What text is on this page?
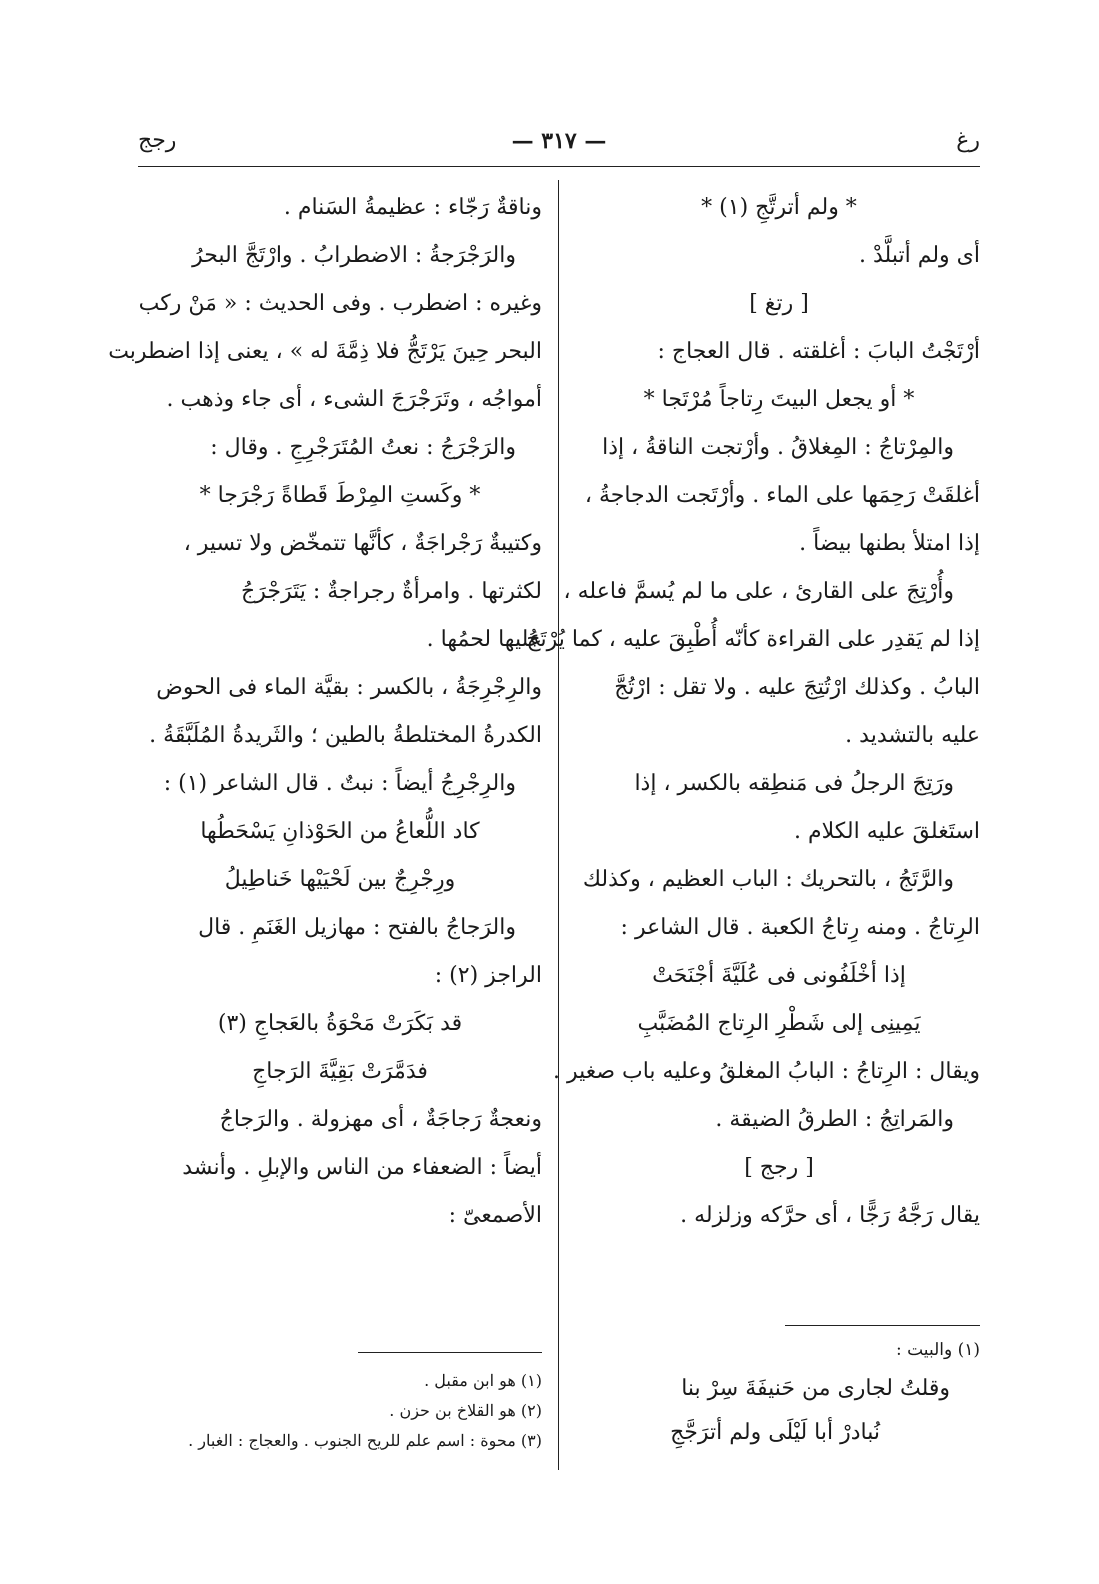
رغ
— ٣١٧ —
رجج
* ولم أترتَّجِ (١) *
أى ولم أتبلَّدْ .
[ رتغ ]
أرْتَجْتُ البابَ : أغلقته . قال العجاج :
* أو يجعل البيتَ رِتاجاً مُرْتَجا *
والمِرْتاجُ : المِغلاقُ . وأرْتجت الناقةُ ، إذا
أغلقَتْ رَحِمَها على الماء . وأرْتَجت الدجاجةُ ،
إذا امتلأ بطنها بيضاً .
وأُرْتِجَ على القارئ ، على ما لم يُسمَّ فاعله ،
إذا لم يَقدِر على القراءة كأنّه أُطْبِقَ عليه ، كما يُرْتَجُ
البابُ . وكذلك ارْتُتِجَ عليه . ولا تقل : ارْتُجَّ
عليه بالتشديد .
ورَتِجَ الرجلُ فى مَنطِقه بالكسر ، إذا
استَغلقَ عليه الكلام .
والرَّتَجُ ، بالتحريك : الباب العظيم ، وكذلك
الرِتاجُ . ومنه رِتاجُ الكعبة . قال الشاعر :
إذا أخْلَفُونى فى عُلَيَّةَ أجْنَحَتْ
يَمِينِى إلى شَطْرِ الرِتاج المُضَبَّبِ
ويقال : الرِتاجُ : البابُ المغلقُ وعليه باب صغير .
والمَراتِجُ : الطرقُ الضيقة .
[ رجج ]
يقال رَجَّهُ رَجًّا ، أى حرَّكه وزلزله .
وناقةٌ رَجّاء : عظيمةُ السَنام .
والرَجْرَجةُ : الاضطرابُ . وارْتَجَّ البحرُ
وغيره : اضطرب . وفى الحديث : « مَنْ ركب
البحر حِينَ يَرْتَجُّ فلا ذِمَّةَ له » ، يعنى إذا اضطربت
أمواجُه ، وتَرَجْرَجَ الشىء ، أى جاء وذهب .
والرَجْرَجُ : نعتُ المُتَرَجْرِجِ . وقال :
* وكَستِ المِرْطَ قَطاةً رَجْرَجا *
وكتيبةٌ رَجْراجَةٌ ، كأنَّها تتمخّض ولا تسير ،
لكثرتها . وامرأةٌ رجراجةٌ : يَتَرَجْرَجُ
عليها لحمُها .
والرِجْرِجَةُ ، بالكسر : بقيَّة الماء فى الحوض
الكدرةُ المختلطةُ بالطين ؛ والثَريدةُ المُلَبَّقَةُ .
والرِجْرِجُ أيضاً : نبتٌ . قال الشاعر (١) :
كاد اللُّعاعُ من الحَوْذانِ يَسْحَطُها
ورِجْرِجٌ بين لَحْيَيْها خَناطِيلُ
والرَجاجُ بالفتح : مهازيل الغَنَمِ . قال
الراجز (٢) :
قد بَكَرَتْ مَحْوَةُ بالعَجاجِ (٣)
فدَمَّرَتْ بَقِيَّةَ الرَجاجِ
ونعجةٌ رَجاجَةٌ ، أى مهزولة . والرَجاجُ
أيضاً : الضعفاء من الناس والإبلِ . وأنشد
الأصمعىّ :
(١) هو ابن مقبل .
(٢) هو القلاخ بن حزن .
(٣) محوة : اسم علم للريح الجنوب . والعجاج : الغبار .
(١) والبيت :
وقلتُ لجارى من حَنيفَةَ سِرْ بنا
نُبادرْ أبا لَيْلَى ولم أترَجَّجِ
